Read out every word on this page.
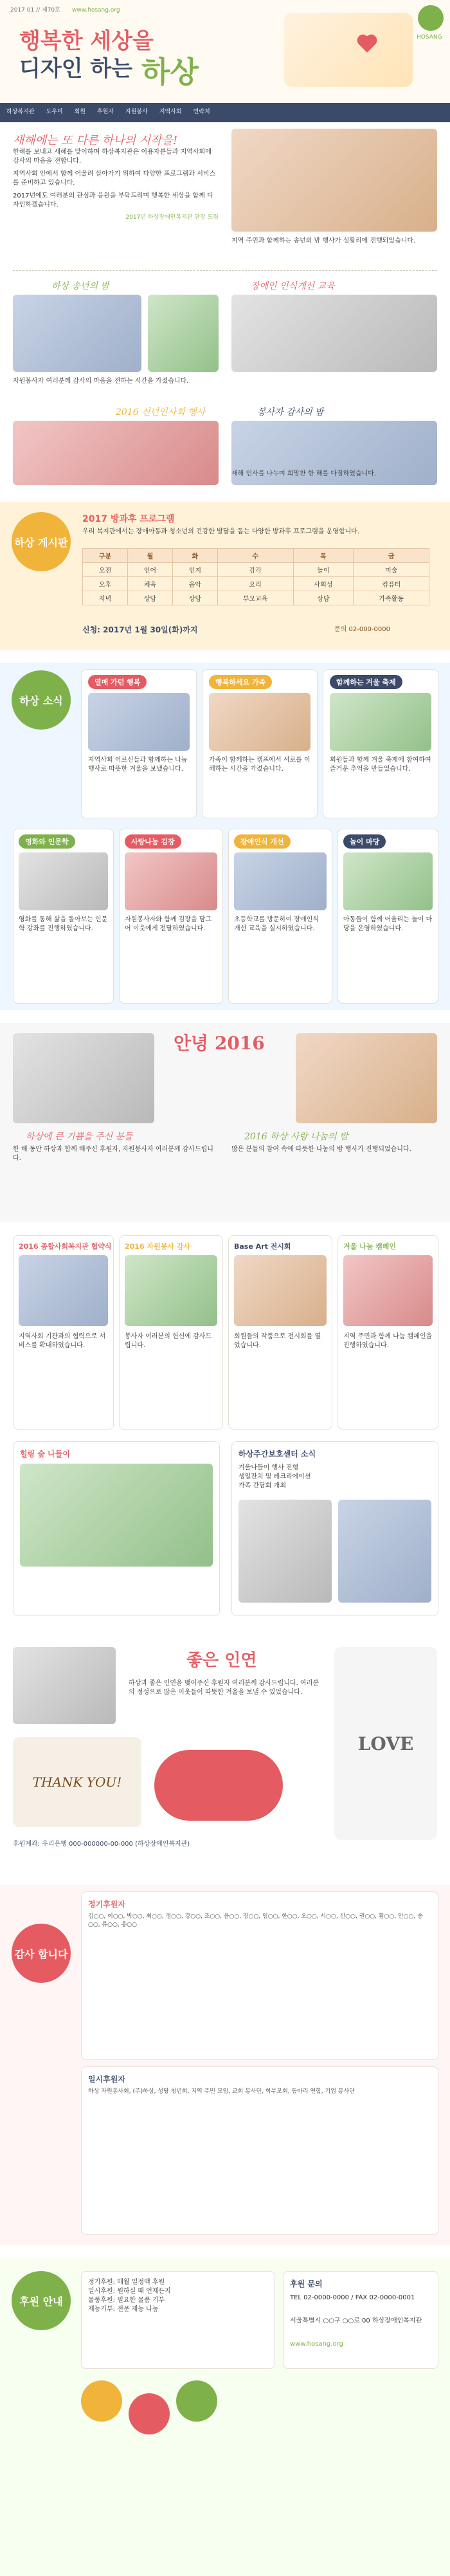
2017 01 // 제70호 www.hosang.org
행복한 세상을
디자인 하는 하상
HOSANG
하상복지관 도우미 회원 후원자 자원봉사 지역사회 연락처
새해에는 또 다른 하나의 시작을!

한해를 보내고 새해를 맞이하며 하상복지관은 이용자분들과 지역사회에 감사의 마음을 전합니다.

지역사회 안에서 함께 어울려 살아가기 위하여 다양한 프로그램과 서비스를 준비하고 있습니다.

2017년에도 여러분의 관심과 응원을 부탁드리며 행복한 세상을 함께 디자인하겠습니다.

2017년 하상장애인복지관 관장 드림
지역 주민과 함께하는 송년의 밤 행사가 성황리에 진행되었습니다.
하상 송년의 밤
자원봉사자 여러분께 감사의 마음을 전하는 시간을 가졌습니다.
장애인 인식개선 교육
2016 신년인사회 행사	봉사자 감사의 밤
새해 인사를 나누며 희망찬 한 해를 다짐하였습니다.
하상 게시판
2017 방과후 프로그램
우리 복지관에서는 장애아동과 청소년의 건강한 발달을 돕는 다양한 방과후 프로그램을 운영합니다.
구분	월	화	수	목	금
오전	언어	인지	감각	놀이	미술
오후	체육	음악	요리	사회성	컴퓨터
저녁	상담	상담	부모교육	상담	가족활동
신청: 2017년 1월 30일(화)까지	문의 02-000-0000
하상 소식
열매 가던 행복
지역사회 어르신들과 함께하는 나눔 행사로 따뜻한 겨울을 보냈습니다.
행복하세요 가족
가족이 함께하는 캠프에서 서로를 이해하는 시간을 가졌습니다.
함께하는 겨울 축제
회원들과 함께 겨울 축제에 참여하여 즐거운 추억을 만들었습니다.
영화와 인문학
영화를 통해 삶을 돌아보는 인문학 강좌를 진행하였습니다.
사랑나눔 김장
자원봉사자와 함께 김장을 담그어 이웃에게 전달하였습니다.
장애인식 개선
초등학교를 방문하여 장애인식 개선 교육을 실시하였습니다.
놀이 마당
아동들이 함께 어울리는 놀이 마당을 운영하였습니다.
안녕 2016
하상에 큰 기쁨을 주신 분들	2016 하상 사랑 나눔의 밤
한 해 동안 하상과 함께 해주신 후원자, 자원봉사자 여러분께 감사드립니다.
많은 분들의 참여 속에 따뜻한 나눔의 밤 행사가 진행되었습니다.
2016 종합사회복지관 협약식
지역사회 기관과의 협력으로 서비스를 확대하였습니다.
2016 자원봉사 감사
봉사자 여러분의 헌신에 감사드립니다.
Base Art 전시회
회원들의 작품으로 전시회를 열었습니다.
겨울 나눔 캠페인
지역 주민과 함께 나눔 캠페인을 진행하였습니다.
힐링 숲 나들이	하상주간보호센터 소식
겨울나들이 행사 진행
생일잔치 및 레크리에이션
가족 간담회 개최
좋은 인연
하상과 좋은 인연을 맺어주신 후원자 여러분께 감사드립니다. 여러분의 정성으로 많은 이웃들이 따뜻한 겨울을 보낼 수 있었습니다.
THANK YOU!
LOVE
후원계좌: 우리은행 000-000000-00-000 (하상장애인복지관)
감사 합니다
정기후원자
김○○, 이○○, 박○○, 최○○, 정○○, 강○○, 조○○, 윤○○, 장○○, 임○○, 한○○, 오○○, 서○○, 신○○, 권○○, 황○○, 안○○, 송○○, 류○○, 홍○○
일시후원자
하상 자원봉사회, (주)하상, 성당 청년회, 지역 주민 모임, 교회 봉사단, 학부모회, 동아리 연합, 기업 봉사단
후원 안내
정기후원: 매월 일정액 후원
일시후원: 원하실 때 언제든지
물품후원: 필요한 물품 기부
재능기부: 전문 재능 나눔
후원 문의
TEL 02-0000-0000 / FAX 02-0000-0001
서울특별시 ○○구 ○○로 00 하상장애인복지관
www.hosang.org
